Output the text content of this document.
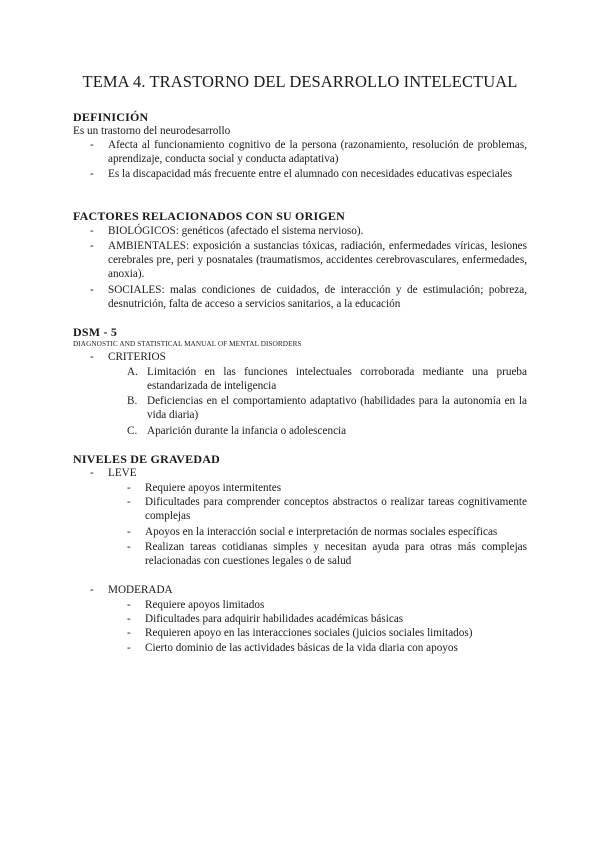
TEMA 4. TRASTORNO DEL DESARROLLO INTELECTUAL
DEFINICIÓN
Es un trastorno del neurodesarrollo
-	Afecta al funcionamiento cognitivo de la persona (razonamiento, resolución de problemas, aprendizaje, conducta social y conducta adaptativa)
-	Es la discapacidad más frecuente entre el alumnado con necesidades educativas especiales
FACTORES RELACIONADOS CON SU ORIGEN
-	BIOLÓGICOS: genéticos (afectado el sistema nervioso).
-	AMBIENTALES: exposición a sustancias tóxicas, radiación, enfermedades víricas, lesiones cerebrales pre, peri y posnatales (traumatismos, accidentes cerebrovasculares, enfermedades, anoxia).
-	SOCIALES: malas condiciones de cuidados, de interacción y de estimulación; pobreza, desnutrición, falta de acceso a servicios sanitarios, a la educación
DSM - 5
DIAGNOSTIC AND STATISTICAL MANUAL OF MENTAL DISORDERS
-	CRITERIOS
A. Limitación en las funciones intelectuales corroborada mediante una prueba estandarizada de inteligencia
B. Deficiencias en el comportamiento adaptativo (habilidades para la autonomía en la vida diaria)
C. Aparición durante la infancia o adolescencia
NIVELES DE GRAVEDAD
-	LEVE
-	Requiere apoyos intermitentes
-	Dificultades para comprender conceptos abstractos o realizar tareas cognitivamente complejas
-	Apoyos en la interacción social e interpretación de normas sociales específicas
-	Realizan tareas cotidianas simples y necesitan ayuda para otras más complejas relacionadas con cuestiones legales o de salud
-	MODERADA
-	Requiere apoyos limitados
-	Dificultades para adquirir habilidades académicas básicas
-	Requieren apoyo en las interacciones sociales (juicios sociales limitados)
-	Cierto dominio de las actividades básicas de la vida diaria con apoyos
